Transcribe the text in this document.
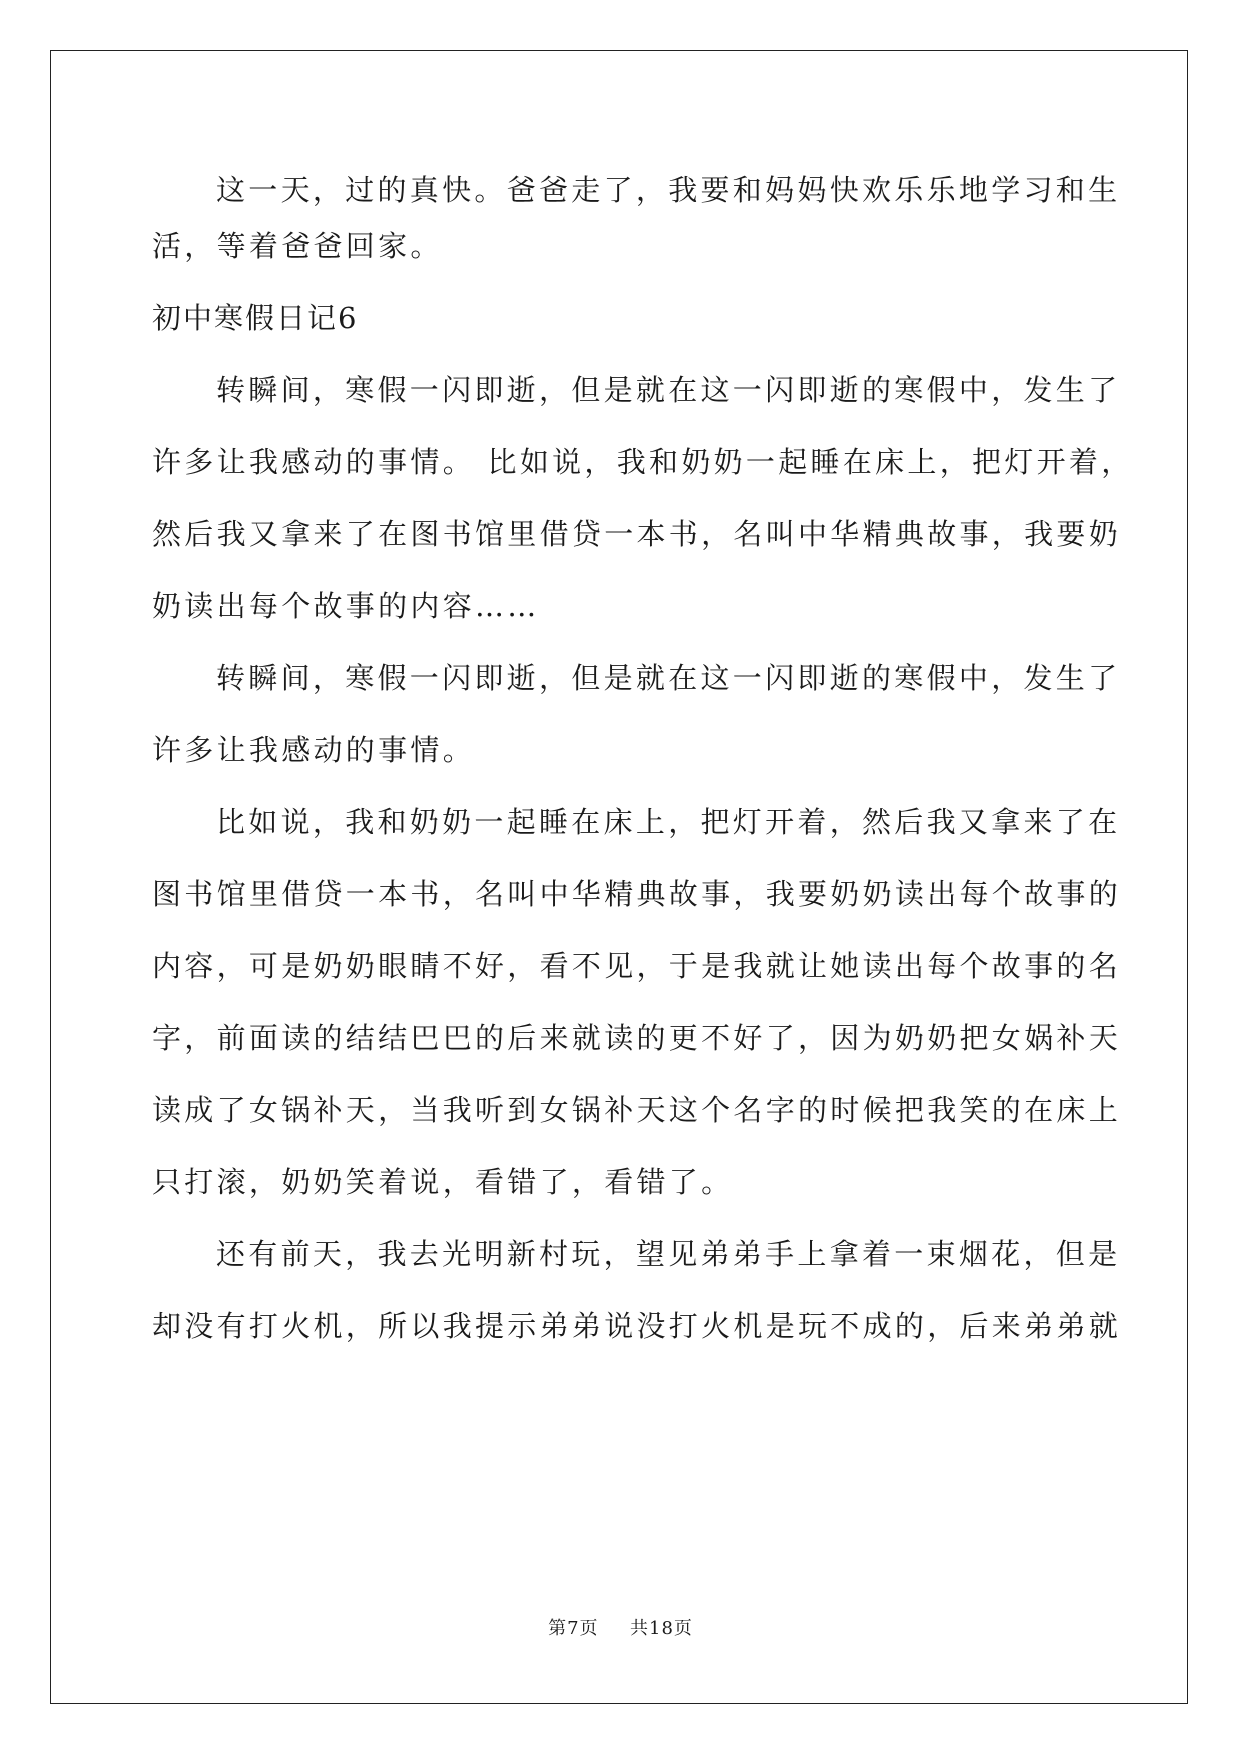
这一天，过的真快。爸爸走了，我要和妈妈快欢乐乐地学习和生
活，等着爸爸回家。
初中寒假日记6
转瞬间，寒假一闪即逝，但是就在这一闪即逝的寒假中，发生了
许多让我感动的事情。 比如说，我和奶奶一起睡在床上，把灯开着，
然后我又拿来了在图书馆里借贷一本书，名叫中华精典故事，我要奶
奶读出每个故事的内容……
转瞬间，寒假一闪即逝，但是就在这一闪即逝的寒假中，发生了
许多让我感动的事情。
比如说，我和奶奶一起睡在床上，把灯开着，然后我又拿来了在
图书馆里借贷一本书，名叫中华精典故事，我要奶奶读出每个故事的
内容，可是奶奶眼睛不好，看不见，于是我就让她读出每个故事的名
字，前面读的结结巴巴的后来就读的更不好了，因为奶奶把女娲补天
读成了女锅补天，当我听到女锅补天这个名字的时候把我笑的在床上
只打滚，奶奶笑着说，看错了，看错了。
还有前天，我去光明新村玩，望见弟弟手上拿着一束烟花，但是
却没有打火机，所以我提示弟弟说没打火机是玩不成的，后来弟弟就
第7页 共18页
